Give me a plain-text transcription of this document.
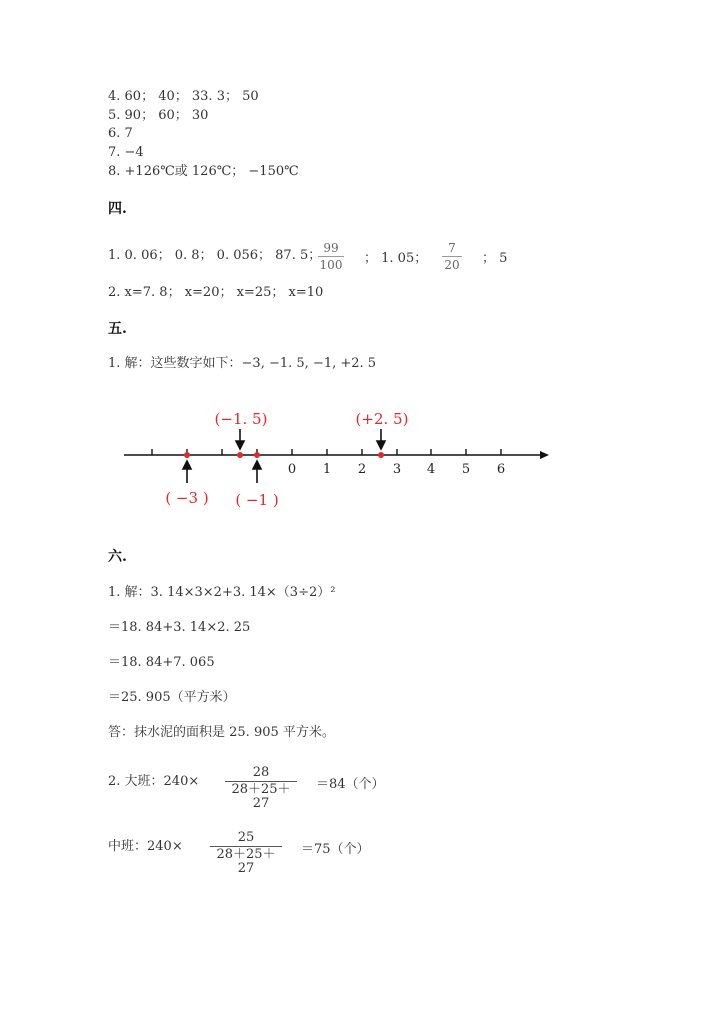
4. 60； 40； 33. 3； 50
5. 90； 60； 30
6. 7
7. −4
8. +126℃或 126℃； −150℃
四.
1. 0. 06； 0. 8； 0. 056； 87. 5；
$\frac{99}{100}$ ； 1. 05； $\frac{7}{20}$ ； 5
2. x=7. 8； x=20； x=25； x=10
五.
1. 解：这些数字如下：−3, −1. 5, −1, +2. 5
0 1 2 3 4 5 6
(−1. 5)	(+2. 5)
( −3 ) ( −1 )
六.
1. 解：3. 14×3×2+3. 14×（3÷2）²
＝18. 84+3. 14×2. 25
＝18. 84+7. 065
＝25. 905（平方米）
答：抹水泥的面积是 25. 905 平方米。
2. 大班：$240\times \frac{28}{28+25+27} =84$（个）
中班：$240\times \frac{25}{28+25+27} =75$（个）
